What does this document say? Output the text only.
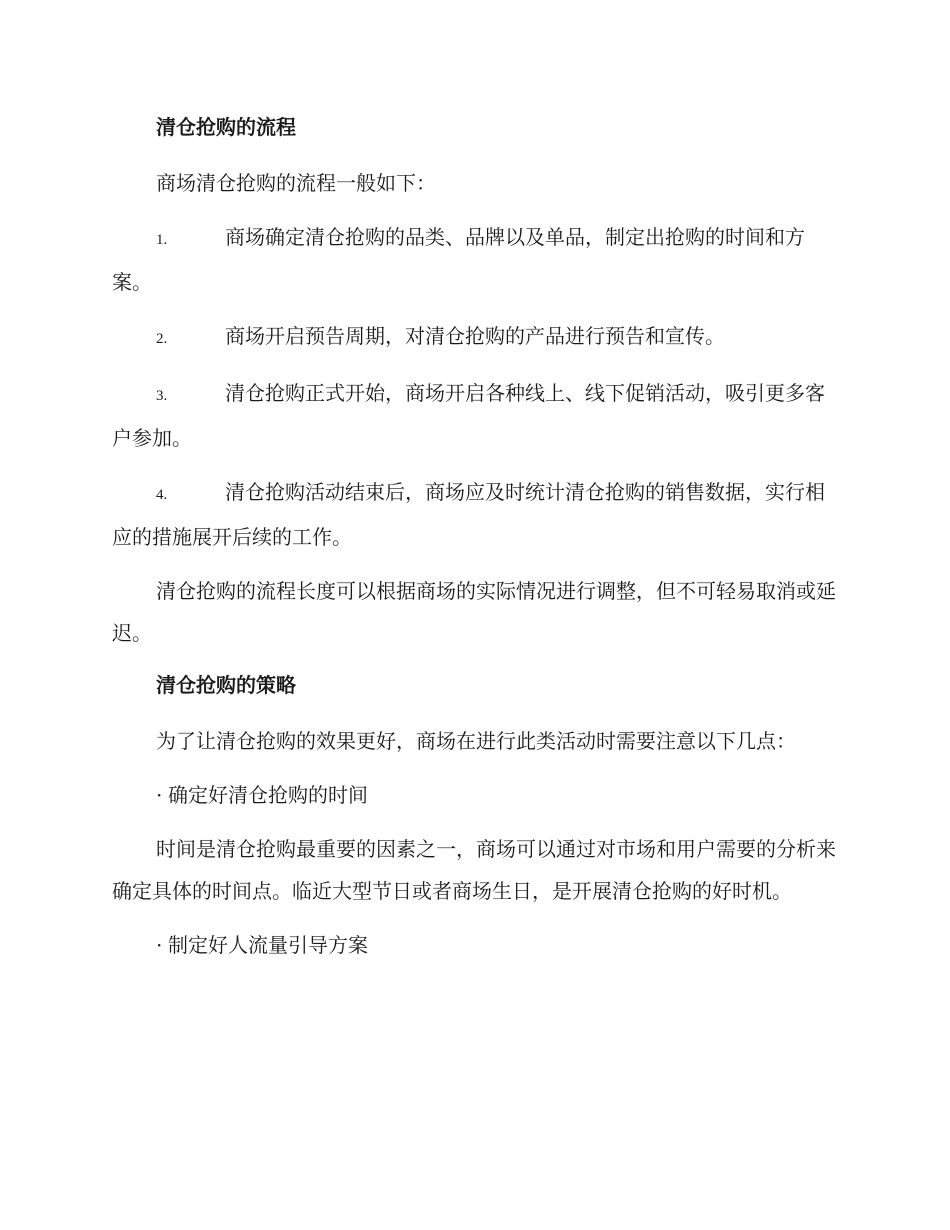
清仓抢购的流程
商场清仓抢购的流程一般如下：
1.	商场确定清仓抢购的品类、品牌以及单品，制定出抢购的时间和方案。
2.	商场开启预告周期，对清仓抢购的产品进行预告和宣传。
3.	清仓抢购正式开始，商场开启各种线上、线下促销活动，吸引更多客户参加。
4.	清仓抢购活动结束后，商场应及时统计清仓抢购的销售数据，实行相应的措施展开后续的工作。
清仓抢购的流程长度可以根据商场的实际情况进行调整，但不可轻易取消或延迟。
清仓抢购的策略
为了让清仓抢购的效果更好，商场在进行此类活动时需要注意以下几点：
· 确定好清仓抢购的时间
时间是清仓抢购最重要的因素之一，商场可以通过对市场和用户需要的分析来确定具体的时间点。临近大型节日或者商场生日，是开展清仓抢购的好时机。
· 制定好人流量引导方案
